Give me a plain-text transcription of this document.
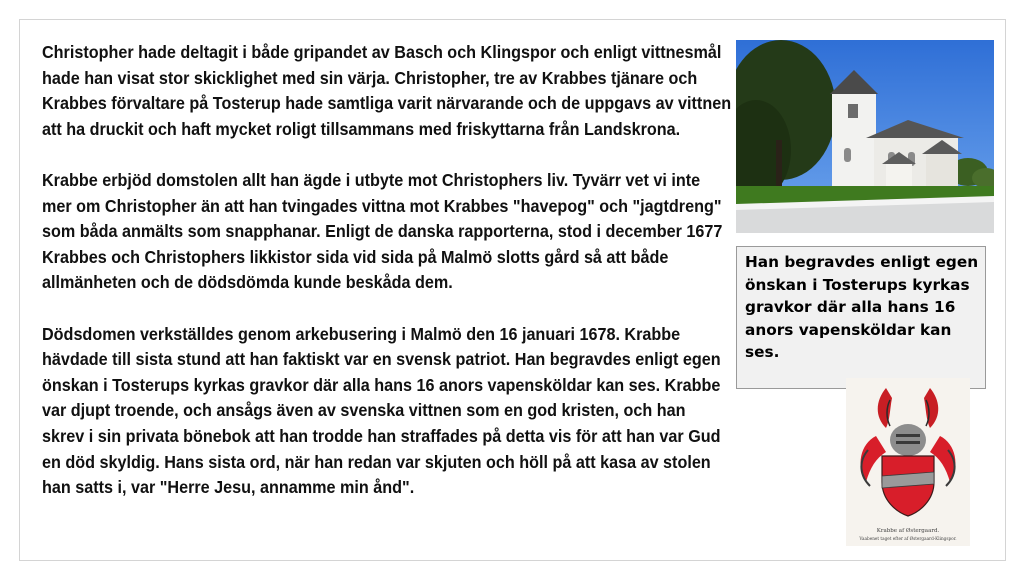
Christopher hade deltagit i både gripandet av Basch och Klingspor och enligt vittnesmål hade han visat stor skicklighet med sin värja. Christopher, tre av Krabbes tjänare och Krabbes förvaltare på Tosterup hade samtliga varit närvarande och de uppgavs av vittnen att ha druckit och haft mycket roligt tillsammans med friskyttarna från Landskrona.

Krabbe erbjöd domstolen allt han ägde i utbyte mot Christophers liv. Tyvärr vet vi inte mer om Christopher än att han tvingades vittna mot Krabbes "havepog" och "jagtdreng" som båda anmälts som snapphanar. Enligt de danska rapporterna, stod i december 1677 Krabbes och Christophers likkistor sida vid sida på Malmö slotts gård så att både allmänheten och de dödsdömda kunde beskåda dem.

Dödsdomen verkställdes genom arkebusering i Malmö den 16 januari 1678. Krabbe hävdade till sista stund att han faktiskt var en svensk patriot. Han begravdes enligt egen önskan i Tosterups kyrkas gravkor där alla hans 16 anors vapensköldar kan ses. Krabbe var djupt troende, och ansågs även av svenska vittnen som en god kristen, och han skrev i sin privata bönebok att han trodde han straffades på detta vis för att han var Gud en död skyldig. Hans sista ord, när han redan var skjuten och höll på att kasa av stolen han satts i, var "Herre Jesu, annamme min ånd".

Han begravdes enligt egen önskan i Tosterups kyrkas gravkor där alla hans 16 anors vapensköldar kan ses.
Krabbe af Østergaard.
Vaabenet taget efter af Østergaard-Klingspor.
